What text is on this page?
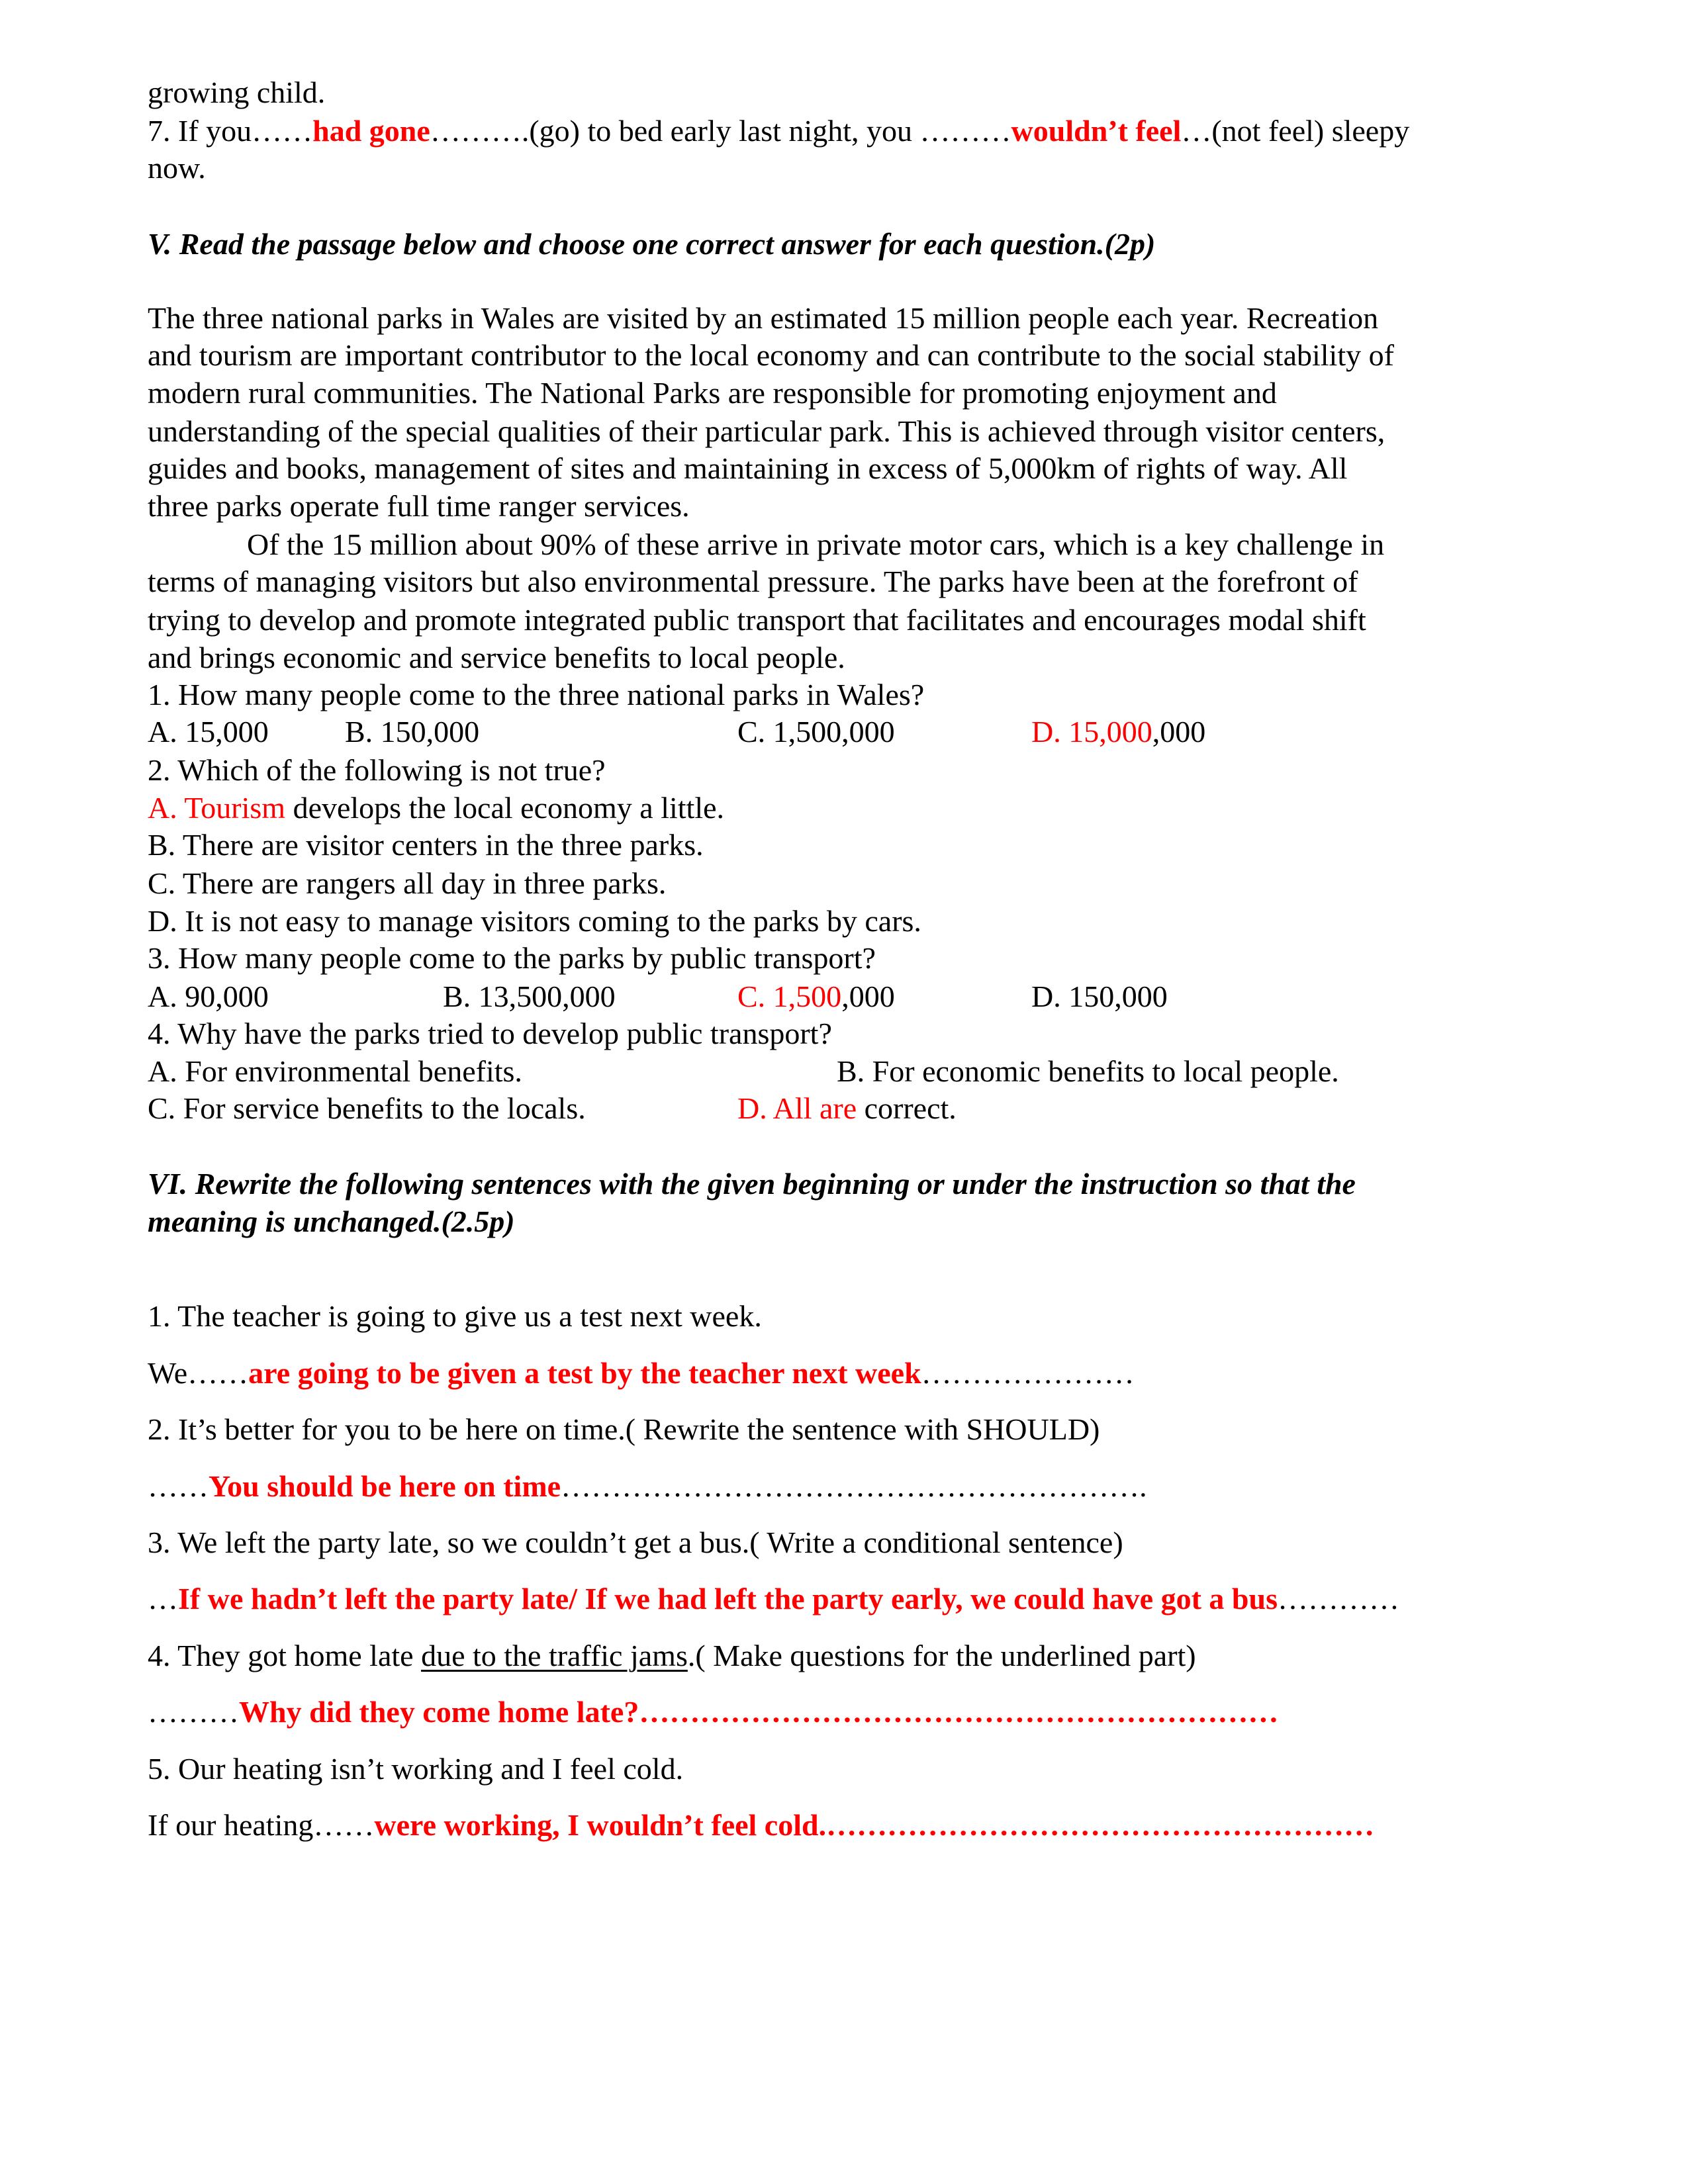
growing child.
7. If you……had gone……….(go) to bed early last night, you ………wouldn’t feel…(not feel) sleepy
now.
V. Read the passage below and choose one correct answer for each question.(2p)
The three national parks in Wales are visited by an estimated 15 million people each year. Recreation
and tourism are important contributor to the local economy and can contribute to the social stability of
modern rural communities. The National Parks are responsible for promoting enjoyment and
understanding of the special qualities of their particular park. This is achieved through visitor centers,
guides and books, management of sites and maintaining in excess of 5,000km of rights of way. All
three parks operate full time ranger services.
Of the 15 million about 90% of these arrive in private motor cars, which is a key challenge in
terms of managing visitors but also environmental pressure. The parks have been at the forefront of
trying to develop and promote integrated public transport that facilitates and encourages modal shift
and brings economic and service benefits to local people.
1. How many people come to the three national parks in Wales?
A. 15,000	B. 150,000	C. 1,500,000	D. 15,000,000
2. Which of the following is not true?
A. Tourism develops the local economy a little.
B. There are visitor centers in the three parks.
C. There are rangers all day in three parks.
D. It is not easy to manage visitors coming to the parks by cars.
3. How many people come to the parks by public transport?
A. 90,000	B. 13,500,000	C. 1,500,000	D. 150,000
4. Why have the parks tried to develop public transport?
A. For environmental benefits.	B. For economic benefits to local people.
C. For service benefits to the locals.	D. All are correct.
VI. Rewrite the following sentences with the given beginning or under the instruction so that the
meaning is unchanged.(2.5p)
1. The teacher is going to give us a test next week.
We……are going to be given a test by the teacher next week…………………
2. It’s better for you to be here on time.( Rewrite the sentence with SHOULD)
……You should be here on time………………………………………………….
3. We left the party late, so we couldn’t get a bus.( Write a conditional sentence)
…If we hadn’t left the party late/ If we had left the party early, we could have got a bus…………
4. They got home late due to the traffic jams.( Make questions for the underlined part)
………Why did they come home late?………………………………………………………
5. Our heating isn’t working and I feel cold.
If our heating……were working, I wouldn’t feel cold.………………………………………………
